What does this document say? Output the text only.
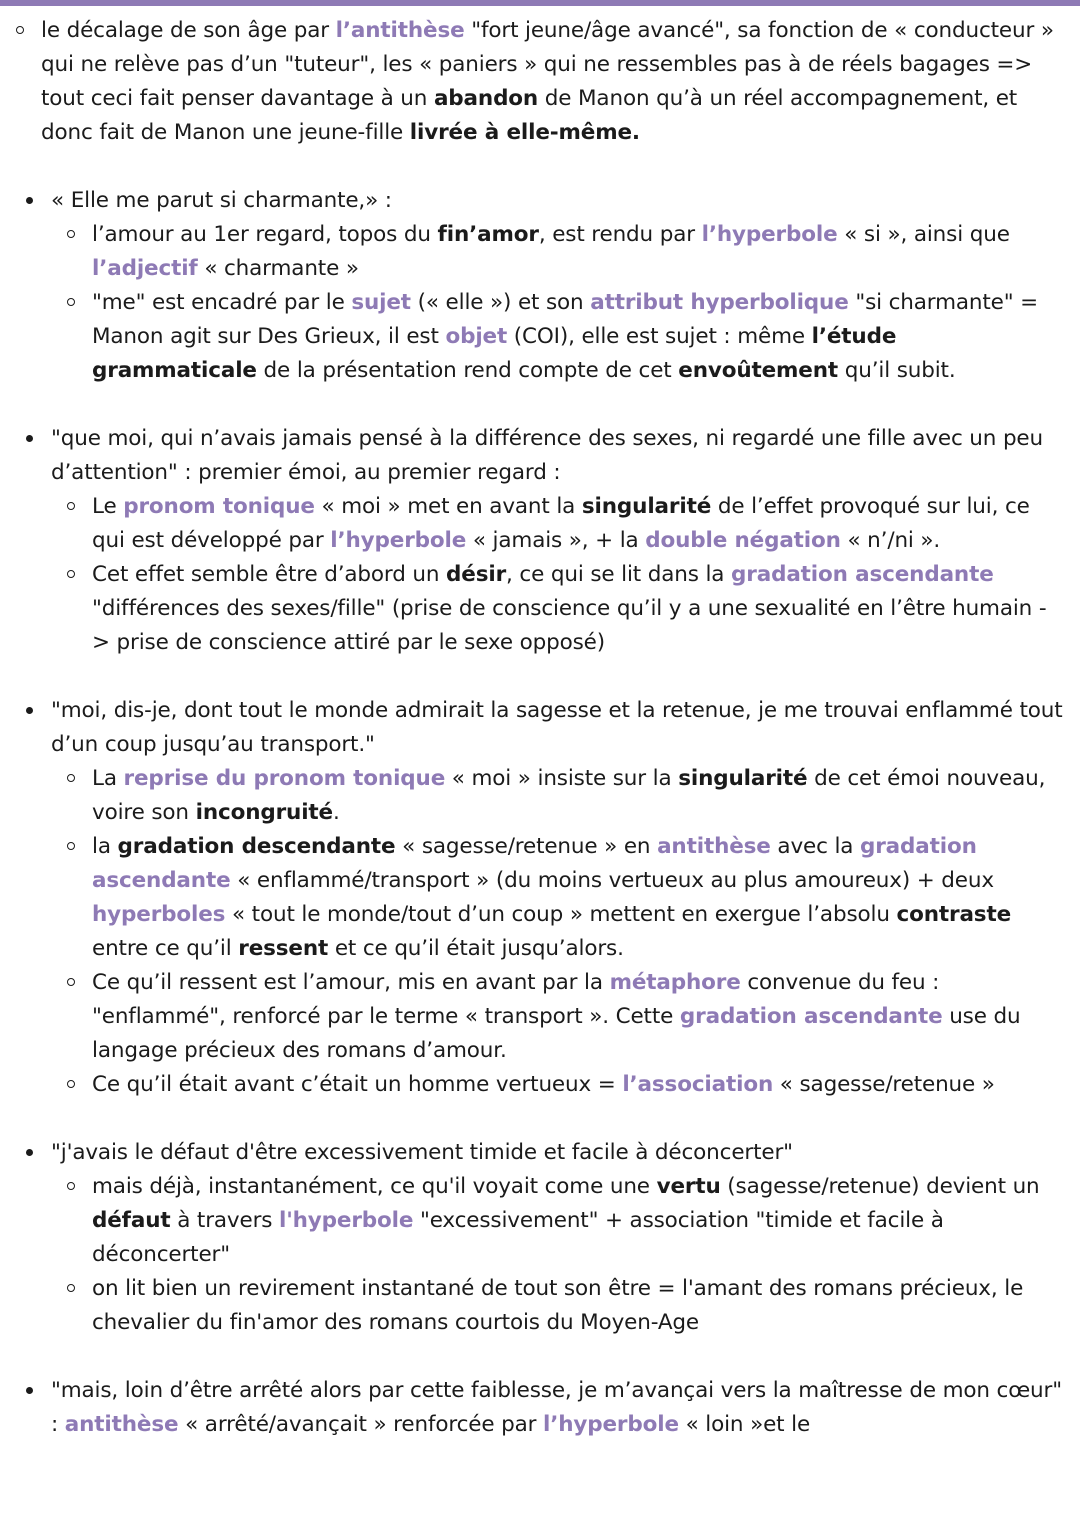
le décalage de son âge par l’antithèse "fort jeune/âge avancé", sa fonction de « conducteur » qui ne relève pas d’un "tuteur", les « paniers » qui ne ressembles pas à de réels bagages => tout ceci fait penser davantage à un abandon de Manon qu’à un réel accompagnement, et donc fait de Manon une jeune-fille livrée à elle-même.
« Elle me parut si charmante,» :
l’amour au 1er regard, topos du fin’amor, est rendu par l’hyperbole « si », ainsi que l’adjectif « charmante »
"me" est encadré par le sujet (« elle ») et son attribut hyperbolique "si charmante" = Manon agit sur Des Grieux, il est objet (COI), elle est sujet : même l’étude grammaticale de la présentation rend compte de cet envoûtement qu’il subit.
"que moi, qui n’avais jamais pensé à la différence des sexes, ni regardé une fille avec un peu d’attention" : premier émoi, au premier regard :
Le pronom tonique « moi » met en avant la singularité de l’effet provoqué sur lui, ce qui est développé par l’hyperbole « jamais », + la double négation « n’/ni ».
Cet effet semble être d’abord un désir, ce qui se lit dans la gradation ascendante "différences des sexes/fille" (prise de conscience qu’il y a une sexualité en l’être humain -> prise de conscience attiré par le sexe opposé)
"moi, dis-je, dont tout le monde admirait la sagesse et la retenue, je me trouvai enflammé tout d’un coup jusqu’au transport."
La reprise du pronom tonique « moi » insiste sur la singularité de cet émoi nouveau, voire son incongruité.
la gradation descendante « sagesse/retenue » en antithèse avec la gradation ascendante « enflammé/transport » (du moins vertueux au plus amoureux) + deux hyperboles « tout le monde/tout d’un coup » mettent en exergue l’absolu contraste entre ce qu’il ressent et ce qu’il était jusqu’alors.
Ce qu’il ressent est l’amour, mis en avant par la métaphore convenue du feu : "enflammé", renforcé par le terme « transport ». Cette gradation ascendante use du langage précieux des romans d’amour.
Ce qu’il était avant c’était un homme vertueux = l’association « sagesse/retenue »
"j'avais le défaut d'être excessivement timide et facile à déconcerter"
mais déjà, instantanément, ce qu'il voyait come une vertu (sagesse/retenue) devient un défaut à travers l'hyperbole "excessivement" + association "timide et facile à déconcerter"
on lit bien un revirement instantané de tout son être = l'amant des romans précieux, le chevalier du fin'amor des romans courtois du Moyen-Age
"mais, loin d’être arrêté alors par cette faiblesse, je m’avançai vers la maîtresse de mon cœur" : antithèse « arrêté/avançait » renforcée par l’hyperbole « loin »et le
